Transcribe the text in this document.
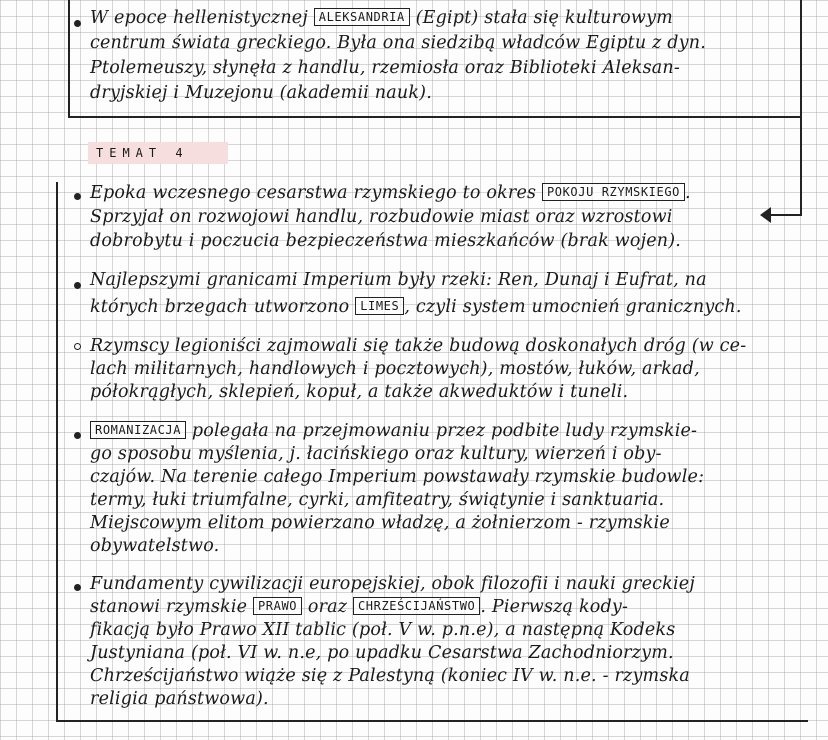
TEMAT 4
W epoce hellenistycznej ALEKSANDRIA (Egipt) stała się kulturowym
centrum świata greckiego. Była ona siedzibą władców Egiptu z dyn.
Ptolemeuszy, słynęła z handlu, rzemiosła oraz Biblioteki Aleksan-
dryjskiej i Muzejonu (akademii nauk).
Epoka wczesnego cesarstwa rzymskiego to okres POKOJU RZYMSKIEGO .
Sprzyjał on rozwojowi handlu, rozbudowie miast oraz wzrostowi
dobrobytu i poczucia bezpieczeństwa mieszkańców (brak wojen).
Najlepszymi granicami Imperium były rzeki: Ren, Dunaj i Eufrat, na
których brzegach utworzono LIMES , czyli system umocnień granicznych.
Rzymscy legioniści zajmowali się także budową doskonałych dróg (w ce-
lach militarnych, handlowych i pocztowych), mostów, łuków, arkad,
półokrągłych, sklepień, kopuł, a także akweduktów i tuneli.
ROMANIZACJA polegała na przejmowaniu przez podbite ludy rzymskie-
go sposobu myślenia, j. łacińskiego oraz kultury, wierzeń i oby-
czajów. Na terenie całego Imperium powstawały rzymskie budowle:
termy, łuki triumfalne, cyrki, amfiteatry, świątynie i sanktuaria.
Miejscowym elitom powierzano władzę, a żołnierzom - rzymskie
obywatelstwo.
Fundamenty cywilizacji europejskiej, obok filozofii i nauki greckiej
stanowi rzymskie PRAWO oraz CHRZEŚCIJAŃSTWO . Pierwszą kody-
fikacją było Prawo XII tablic (poł. V w. p.n.e), a następną Kodeks
Justyniana (poł. VI w. n.e, po upadku Cesarstwa Zachodniorzym.
Chrześcijaństwo wiąże się z Palestyną (koniec IV w. n.e. - rzymska
religia państwowa).
